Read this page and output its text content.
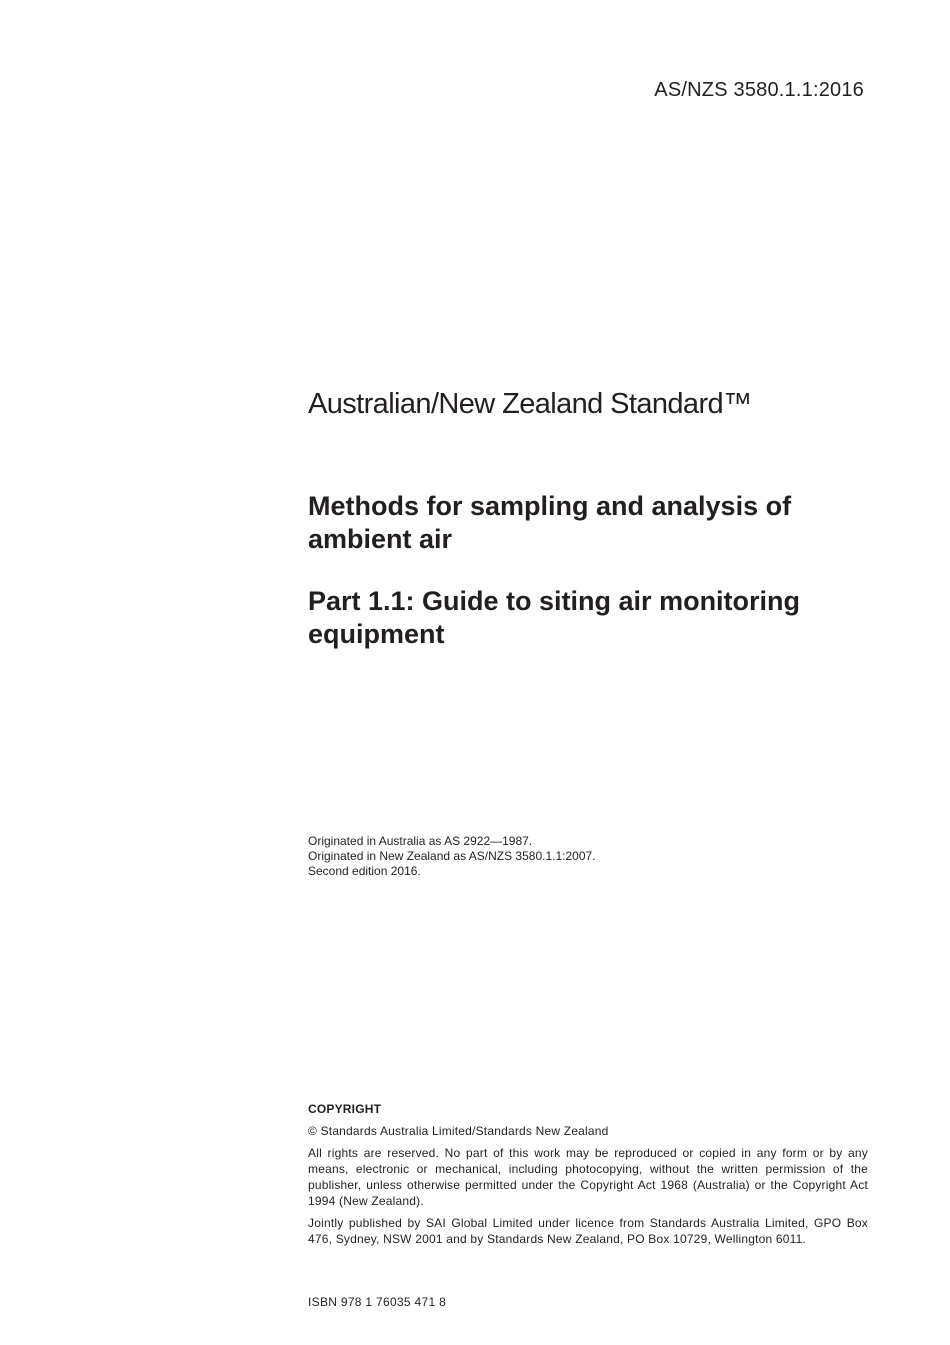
AS/NZS 3580.1.1:2016
Australian/New Zealand Standard™
Methods for sampling and analysis of ambient air
Part 1.1: Guide to siting air monitoring equipment
Originated in Australia as AS 2922—1987.
Originated in New Zealand as AS/NZS 3580.1.1:2007.
Second edition 2016.
COPYRIGHT

© Standards Australia Limited/Standards New Zealand

All rights are reserved. No part of this work may be reproduced or copied in any form or by any means, electronic or mechanical, including photocopying, without the written permission of the publisher, unless otherwise permitted under the Copyright Act 1968 (Australia) or the Copyright Act 1994 (New Zealand).

Jointly published by SAI Global Limited under licence from Standards Australia Limited, GPO Box 476, Sydney, NSW 2001 and by Standards New Zealand, PO Box 10729, Wellington 6011.

ISBN 978 1 76035 471 8
